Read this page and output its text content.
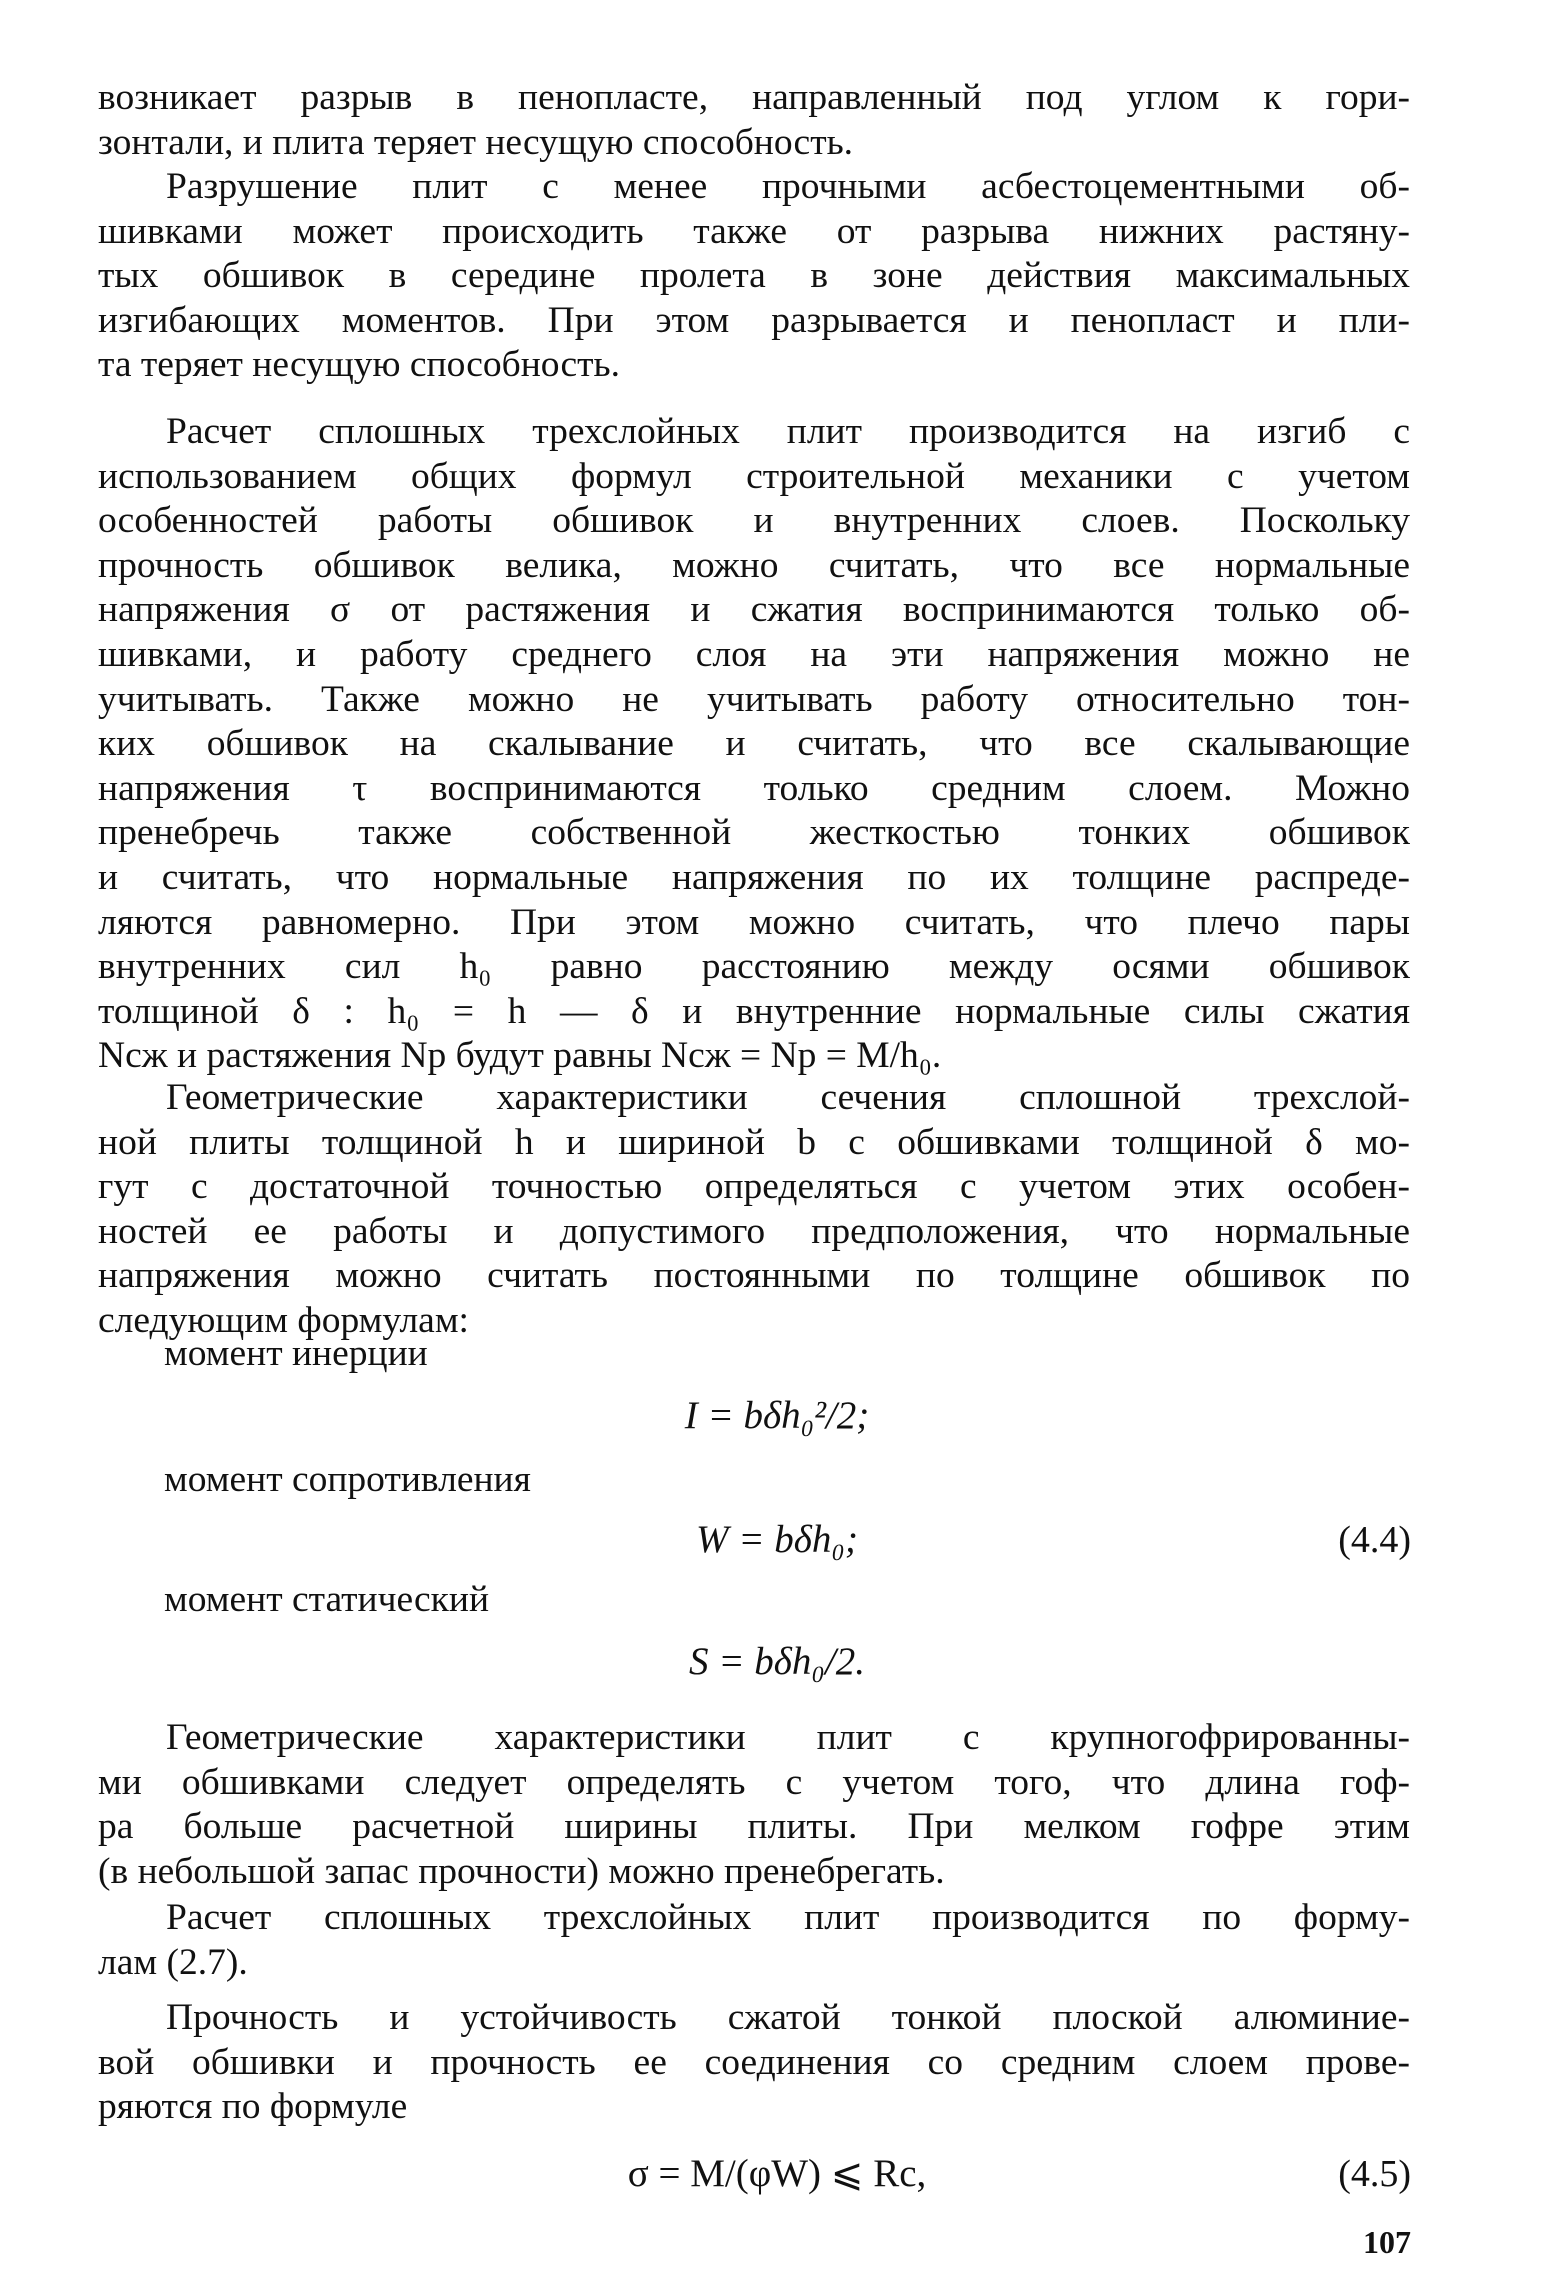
возникает разрыв в пенопласте, направленный под углом к гори-
зонтали, и плита теряет несущую способность.
Разрушение плит с менее прочными асбестоцементными об-
шивками может происходить также от разрыва нижних растяну-
тых обшивок в середине пролета в зоне действия максимальных
изгибающих моментов. При этом разрывается и пенопласт и пли-
та теряет несущую способность.
Расчет сплошных трехслойных плит производится на изгиб с
использованием общих формул строительной механики с учетом
особенностей работы обшивок и внутренних слоев. Поскольку
прочность обшивок велика, можно считать, что все нормальные
напряжения σ от растяжения и сжатия воспринимаются только об-
шивками, и работу среднего слоя на эти напряжения можно не
учитывать. Также можно не учитывать работу относительно тон-
ких обшивок на скалывание и считать, что все скалывающие
напряжения τ воспринимаются только средним слоем. Можно
пренебречь также собственной жесткостью тонких обшивок
и считать, что нормальные напряжения по их толщине распреде-
ляются равномерно. При этом можно считать, что плечо пары
внутренних сил h₀ равно расстоянию между осями обшивок
толщиной δ : h₀ = h — δ и внутренние нормальные силы сжатия
Nсж и растяжения Nр будут равны Nсж = Nр = M/h₀.
Геометрические характеристики сечения сплошной трехслой-
ной плиты толщиной h и шириной b с обшивками толщиной δ мо-
гут с достаточной точностью определяться с учетом этих особен-
ностей ее работы и допустимого предположения, что нормальные
напряжения можно считать постоянными по толщине обшивок по
следующим формулам:
момент инерции
I = bδh₀²/2;
момент сопротивления
W = bδh₀;	(4.4)
момент статический
S = bδh₀/2.
Геометрические характеристики плит с крупногофрированны-
ми обшивками следует определять с учетом того, что длина гоф-
ра больше расчетной ширины плиты. При мелком гофре этим
(в небольшой запас прочности) можно пренебрегать.
Расчет сплошных трехслойных плит производится по форму-
лам (2.7).
Прочность и устойчивость сжатой тонкой плоской алюминие-
вой обшивки и прочность ее соединения со средним слоем прове-
ряются по формуле
σ = M/(φW) ⩽ Rc,	(4.5)
107
